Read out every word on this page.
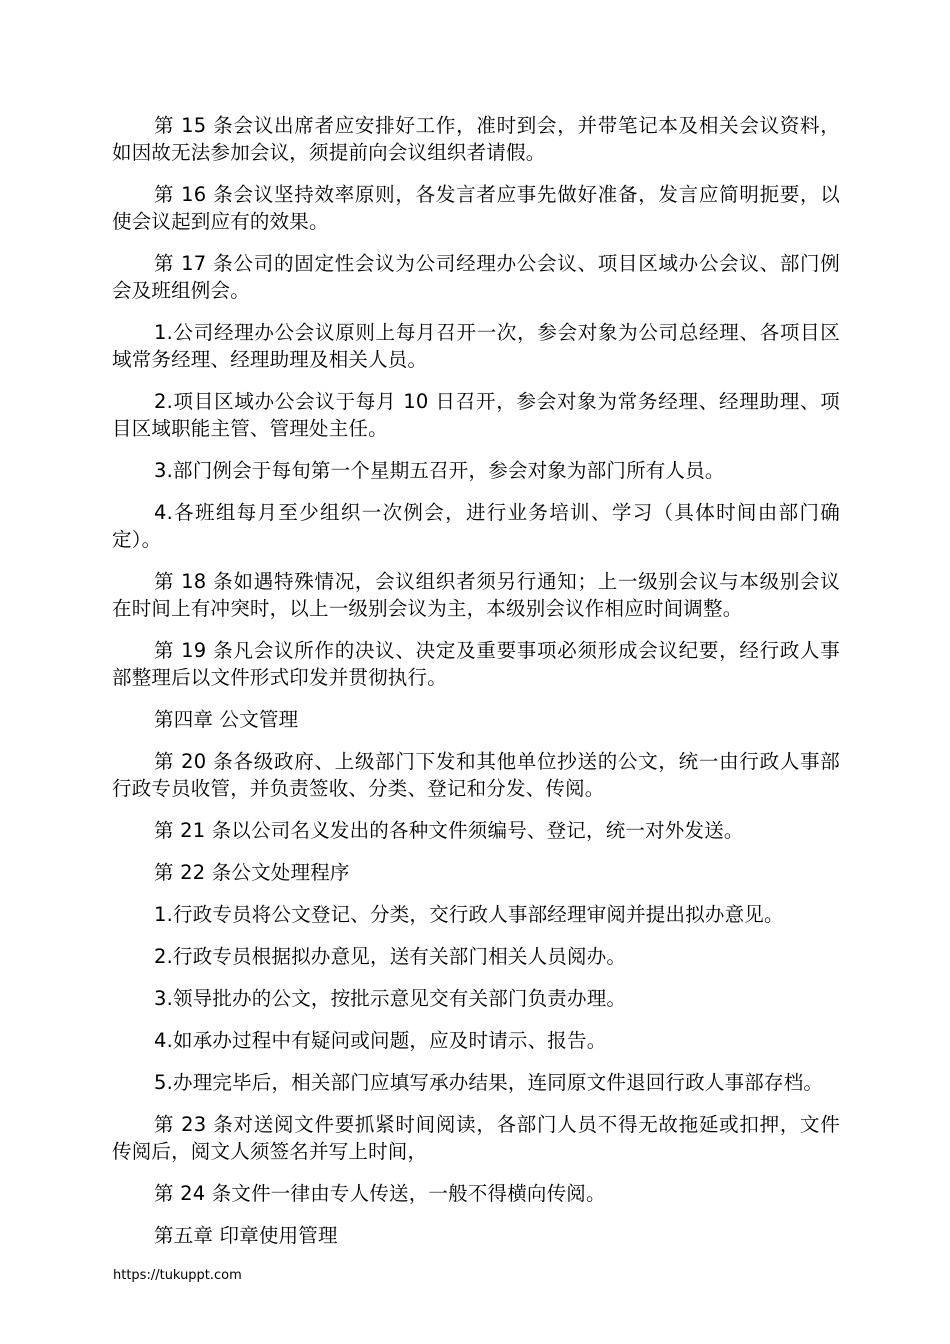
第 15 条会议出席者应安排好工作，准时到会，并带笔记本及相关会议资料，如因故无法参加会议，须提前向会议组织者请假。

第 16 条会议坚持效率原则，各发言者应事先做好准备，发言应简明扼要，以使会议起到应有的效果。

第 17 条公司的固定性会议为公司经理办公会议、项目区域办公会议、部门例会及班组例会。

1.公司经理办公会议原则上每月召开一次，参会对象为公司总经理、各项目区域常务经理、经理助理及相关人员。

2.项目区域办公会议于每月 10 日召开，参会对象为常务经理、经理助理、项目区域职能主管、管理处主任。

3.部门例会于每旬第一个星期五召开，参会对象为部门所有人员。

4.各班组每月至少组织一次例会，进行业务培训、学习（具体时间由部门确定）。

第 18 条如遇特殊情况，会议组织者须另行通知；上一级别会议与本级别会议在时间上有冲突时，以上一级别会议为主，本级别会议作相应时间调整。

第 19 条凡会议所作的决议、决定及重要事项必须形成会议纪要，经行政人事部整理后以文件形式印发并贯彻执行。

第四章 公文管理

第 20 条各级政府、上级部门下发和其他单位抄送的公文，统一由行政人事部行政专员收管，并负责签收、分类、登记和分发、传阅。

第 21 条以公司名义发出的各种文件须编号、登记，统一对外发送。

第 22 条公文处理程序

1.行政专员将公文登记、分类，交行政人事部经理审阅并提出拟办意见。

2.行政专员根据拟办意见，送有关部门相关人员阅办。

3.领导批办的公文，按批示意见交有关部门负责办理。

4.如承办过程中有疑问或问题，应及时请示、报告。

5.办理完毕后，相关部门应填写承办结果，连同原文件退回行政人事部存档。

第 23 条对送阅文件要抓紧时间阅读，各部门人员不得无故拖延或扣押，文件传阅后，阅文人须签名并写上时间，

第 24 条文件一律由专人传送，一般不得横向传阅。

第五章 印章使用管理

https://tukuppt.com
